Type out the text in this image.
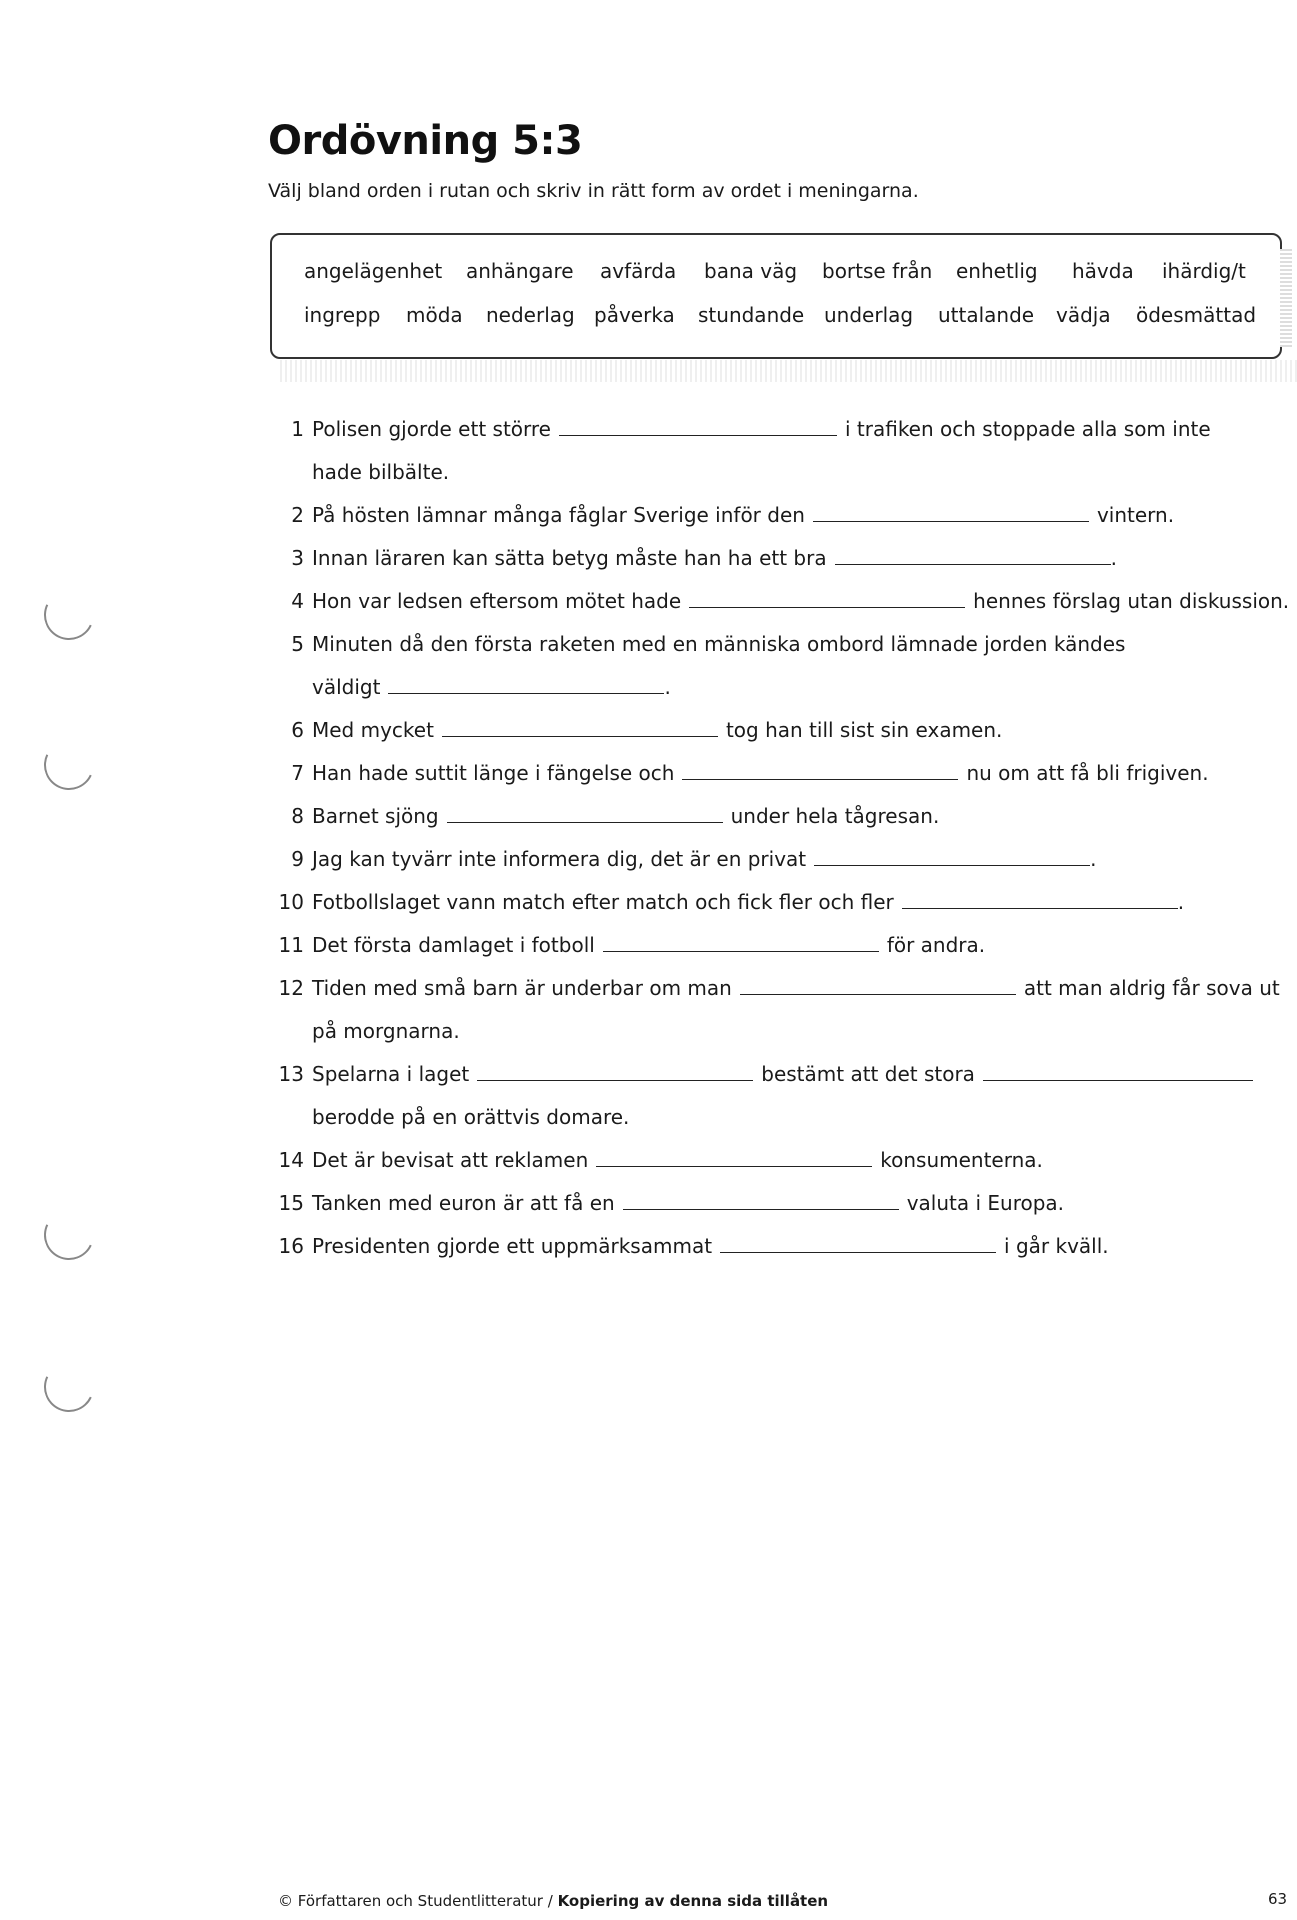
Ordövning 5:3
Välj bland orden i rutan och skriv in rätt form av ordet i meningarna.
angelägenhet anhängare avfärda bana väg bortse från enhetlig hävda ihärdig/t
ingrepp möda nederlag påverka stundande underlag uttalande vädja ödesmättad
1 Polisen gjorde ett större	i trafiken och stoppade alla som inte
hade bilbälte.
2 På hösten lämnar många fåglar Sverige inför den	vintern.
3 Innan läraren kan sätta betyg måste han ha ett bra	.
4 Hon var ledsen eftersom mötet hade	hennes förslag utan diskussion.
5 Minuten då den första raketen med en människa ombord lämnade jorden kändes
väldigt	.
6 Med mycket	tog han till sist sin examen.
7 Han hade suttit länge i fängelse och	nu om att få bli frigiven.
8 Barnet sjöng	under hela tågresan.
9 Jag kan tyvärr inte informera dig, det är en privat	.
10 Fotbollslaget vann match efter match och fick fler och fler	.
11 Det första damlaget i fotboll	för andra.
12 Tiden med små barn är underbar om man	att man aldrig får sova ut
på morgnarna.
13 Spelarna i laget	bestämt att det stora
berodde på en orättvis domare.
14 Det är bevisat att reklamen	konsumenterna.
15 Tanken med euron är att få en	valuta i Europa.
16 Presidenten gjorde ett uppmärksammat	i går kväll.
© Författaren och Studentlitteratur / Kopiering av denna sida tillåten	63
